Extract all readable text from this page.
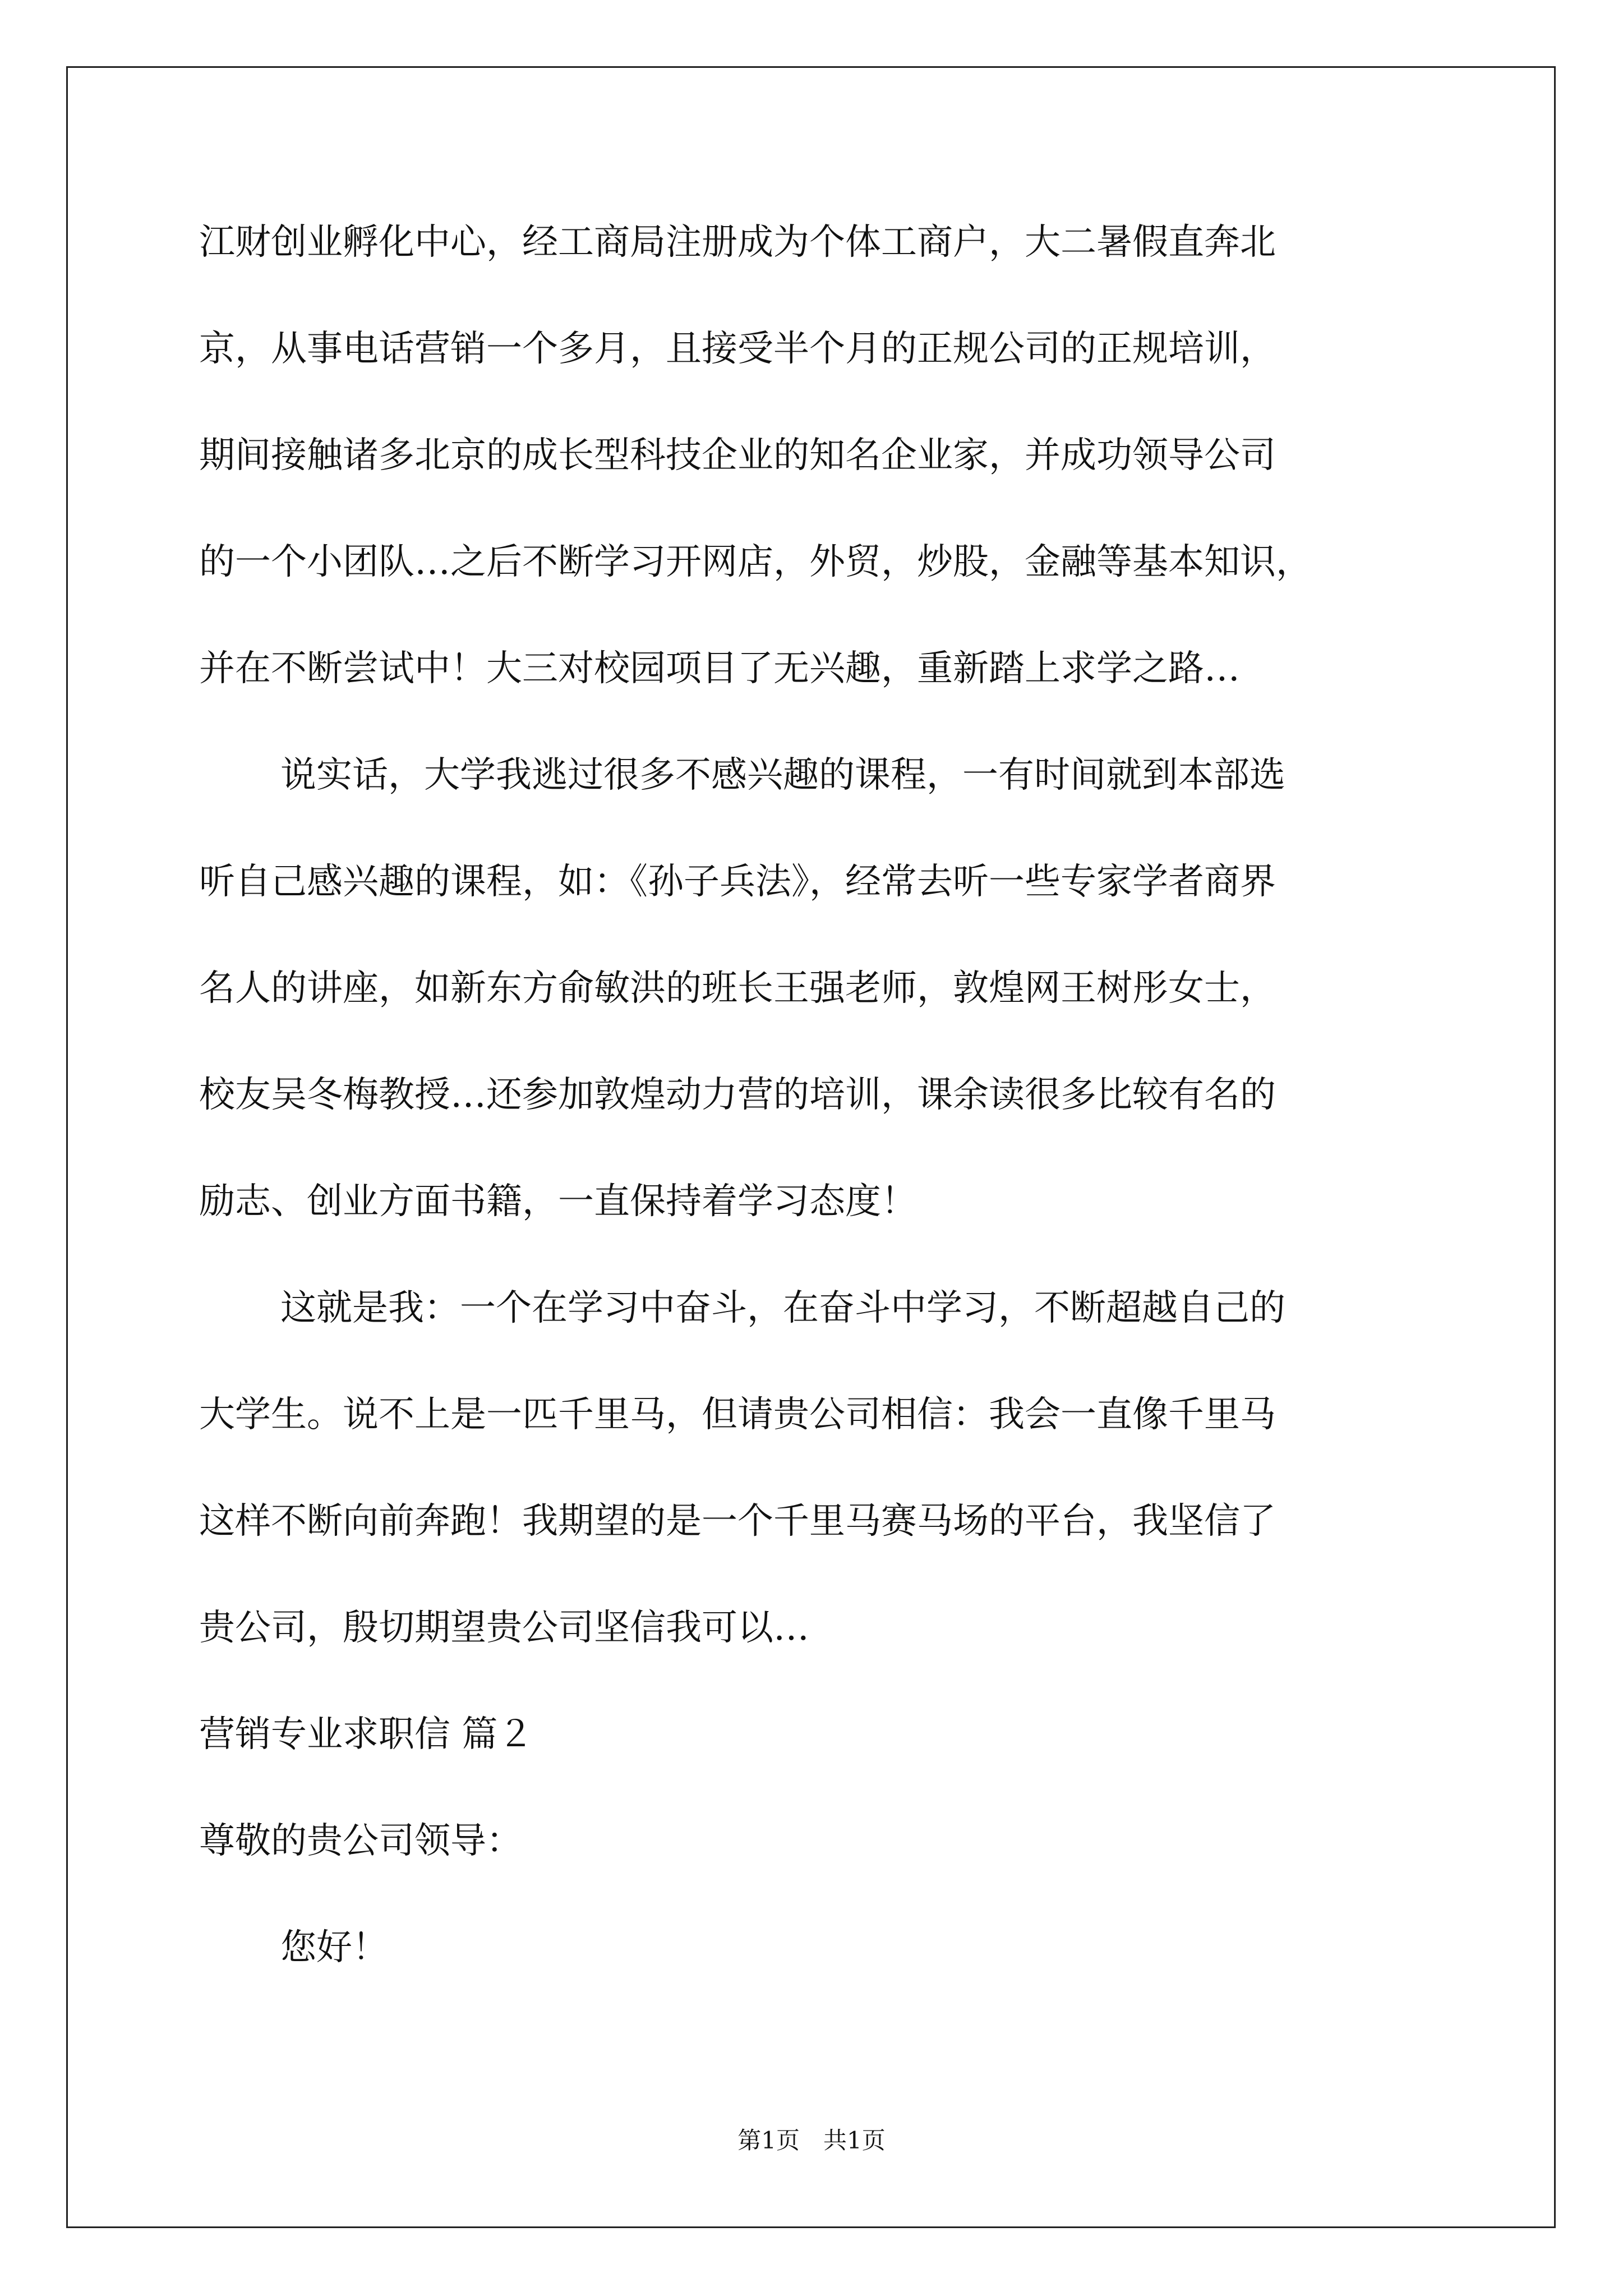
江财创业孵化中心，经工商局注册成为个体工商户，大二暑假直奔北
京，从事电话营销一个多月，且接受半个月的正规公司的正规培训，
期间接触诸多北京的成长型科技企业的知名企业家，并成功领导公司
的一个小团队…之后不断学习开网店，外贸，炒股，金融等基本知识，
并在不断尝试中！大三对校园项目了无兴趣，重新踏上求学之路…
说实话，大学我逃过很多不感兴趣的课程，一有时间就到本部选
听自己感兴趣的课程，如：《孙子兵法》，经常去听一些专家学者商界
名人的讲座，如新东方俞敏洪的班长王强老师，敦煌网王树彤女士，
校友吴冬梅教授…还参加敦煌动力营的培训，课余读很多比较有名的
励志、创业方面书籍，一直保持着学习态度！
这就是我：一个在学习中奋斗，在奋斗中学习，不断超越自己的
大学生。说不上是一匹千里马，但请贵公司相信：我会一直像千里马
这样不断向前奔跑！我期望的是一个千里马赛马场的平台，我坚信了
贵公司，殷切期望贵公司坚信我可以…
营销专业求职信 篇２
尊敬的贵公司领导：
您好！
第1页　共1页
